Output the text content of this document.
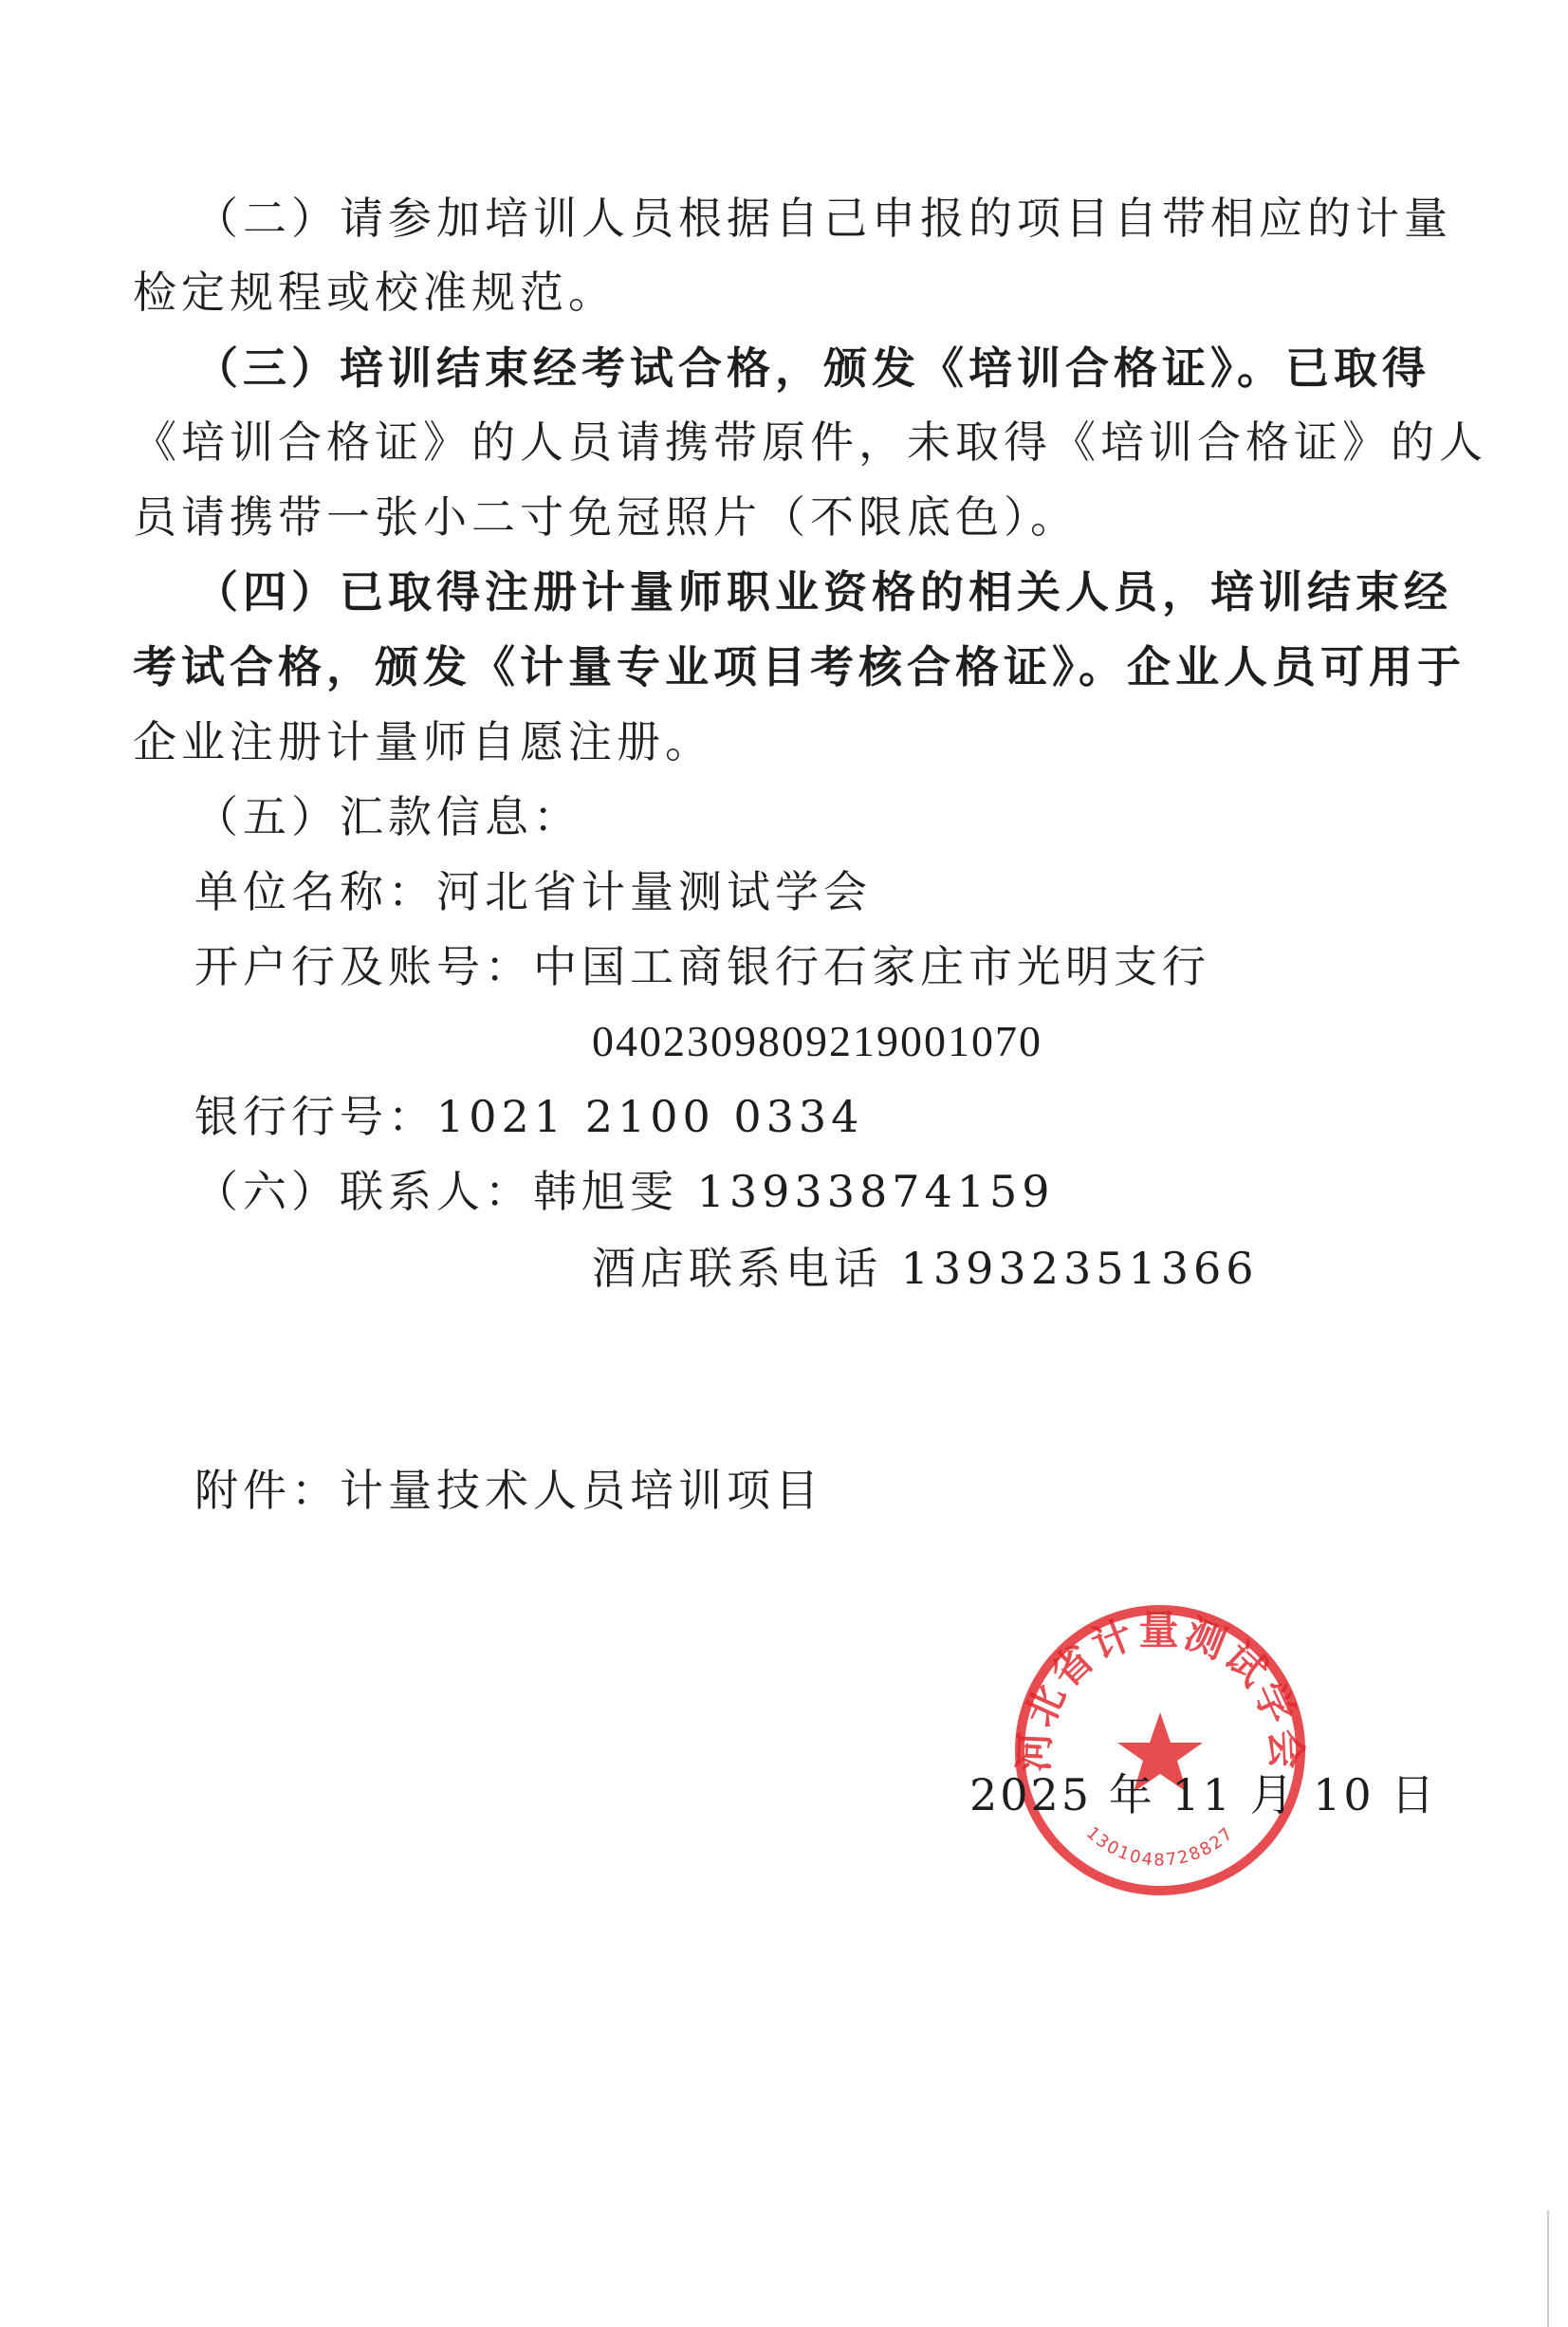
（二）请参加培训人员根据自己申报的项目自带相应的计量
检定规程或校准规范。
（三）培训结束经考试合格，颁发《培训合格证》。已取得
《培训合格证》的人员请携带原件，未取得《培训合格证》的人
员请携带一张小二寸免冠照片（不限底色）。
（四）已取得注册计量师职业资格的相关人员，培训结束经
考试合格，颁发《计量专业项目考核合格证》。企业人员可用于
企业注册计量师自愿注册。
（五）汇款信息：
单位名称：河北省计量测试学会
开户行及账号：中国工商银行石家庄市光明支行
0402309809219001070
银行行号：1021 2100 0334
（六）联系人：韩旭雯 13933874159
酒店联系电话 13932351366
附件：计量技术人员培训项目
河北省计量测试学会
1301048728827
2025 年 11 月 10 日
